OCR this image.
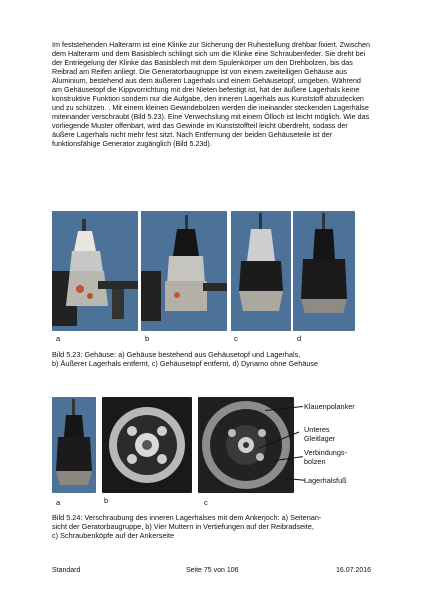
Im feststehenden Halterarm ist eine Klinke zur Sicherung der Ruhestellung drehbar fixiert. Zwischen dem Halterarm und dem Basisblech schlingt sich um die Klinke eine Schraubenfeder. Sie dreht bei der Entriegelung der Klinke das Basisblech mit dem Spulenkörper um den Drehbolzen, bis das Reibrad am Reifen anliegt. Die Generatorbaugruppe ist von einem zweiteiligen Gehäuse aus Aluminium, bestehend aus dem äußeren Lagerhals und einem Gehäusetopf, umgeben. Während am Gehäusetopf die Kippvorrichtung mit drei Nieten befestigt ist, hat der äußere Lagerhals keine konstruktive Funktion sondern nur die Aufgabe, den inneren Lagerhals aus Kunststoff abzudecken und zu schützen. . Mit einem kleinen Gewindebolzen werden die ineinander steckenden Lagerhälse miteinander verschraubt (Bild 5.23). Eine Verwechslung mit einem Ölloch ist leicht möglich. Wie das vorliegende Muster offenbart, wird das Gewinde im Kunststoffteil leicht überdreht, sodass der äußere Lagerhals nicht mehr fest sitzt. Nach Entfernung der beiden Gehäuseteile ist der funktionsfähige Generator zugänglich (Bild 5.23d).

a	b	c	d
Bild 5.23: Gehäuse: a) Gehäuse bestehend aus Gehäusetopf und Lagerhals,
b) Äußerer Lagerhals entfernt, c) Gehäusetopf entfernt, d) Dynamo ohne Gehäuse
Klauenpolanker
Unteres
Gleitlager
Verbindungs-
bolzen
Lagerhalsfuß
a	b	c
Bild 5.24: Verschraubung des inneren Lagerhalses mit dem Ankerjoch: a) Seitenan-
sicht der Geratorbaugruppe, b) Vier Muttern in Vertiefungen auf der Reibradseite,
c) Schraubenköpfe auf der Ankerseite
Standard	Seite 75 von 106	16.07.2016
